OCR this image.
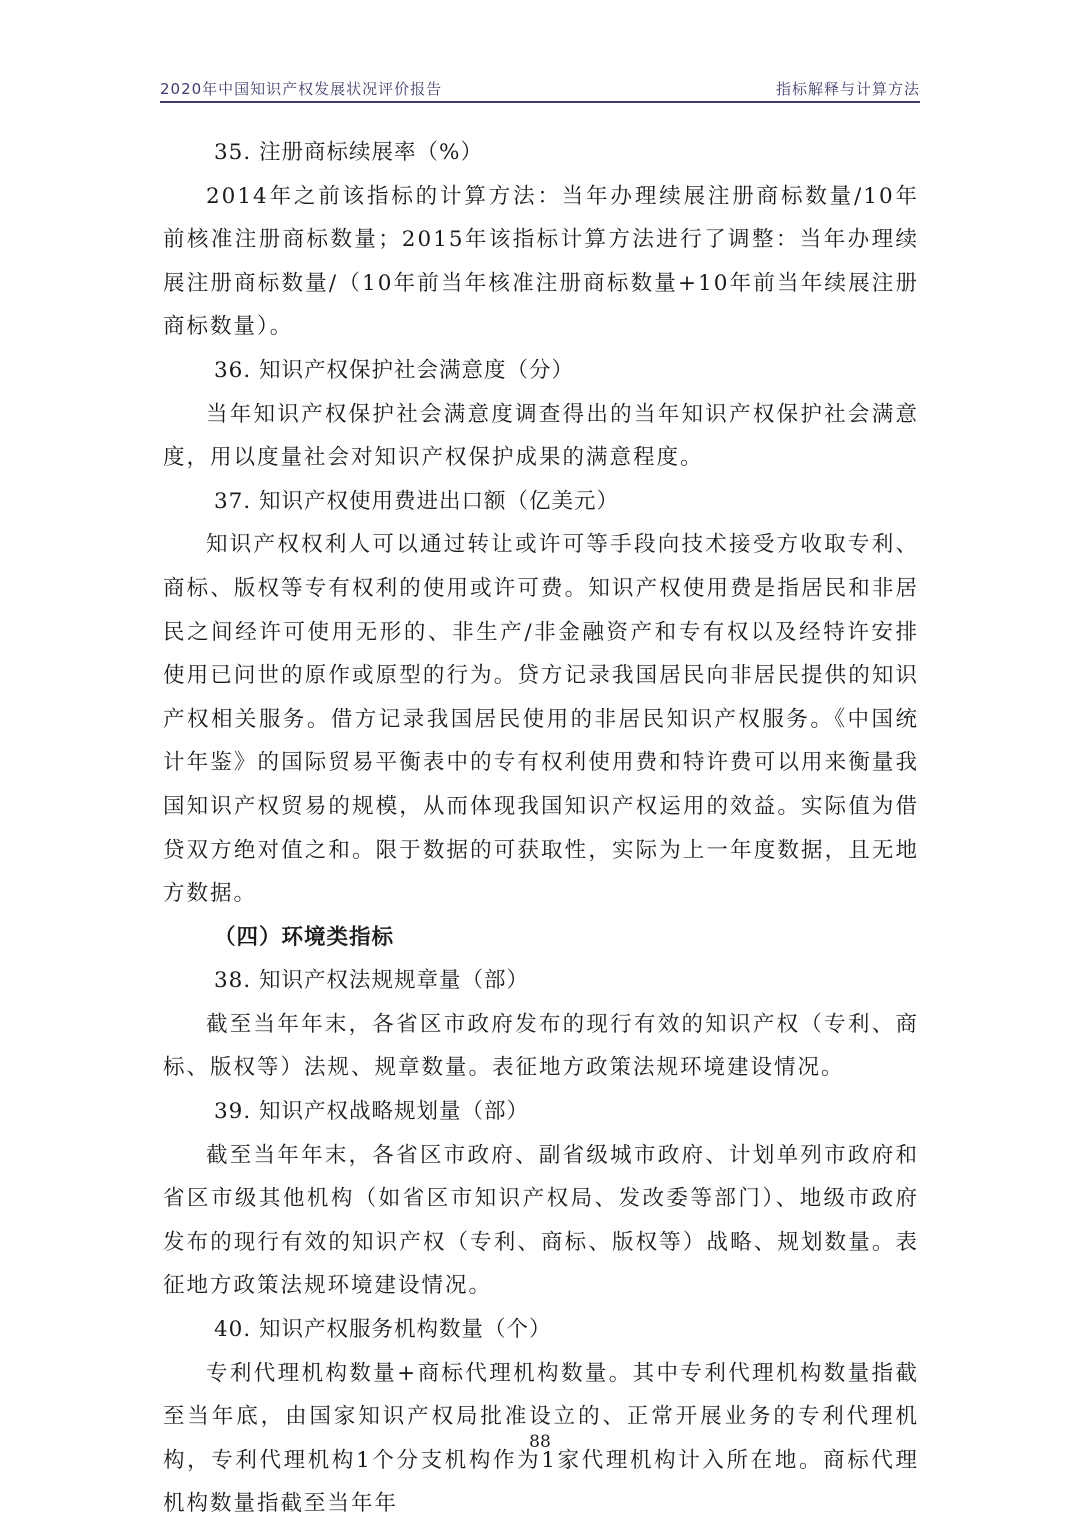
2020年中国知识产权发展状况评价报告	指标解释与计算方法
35. 注册商标续展率（%）
2014年之前该指标的计算方法：当年办理续展注册商标数量/10年前核准注册商标数量；2015年该指标计算方法进行了调整：当年办理续展注册商标数量/（10年前当年核准注册商标数量+10年前当年续展注册商标数量）。
36. 知识产权保护社会满意度（分）
当年知识产权保护社会满意度调查得出的当年知识产权保护社会满意度，用以度量社会对知识产权保护成果的满意程度。
37. 知识产权使用费进出口额（亿美元）
知识产权权利人可以通过转让或许可等手段向技术接受方收取专利、商标、版权等专有权利的使用或许可费。知识产权使用费是指居民和非居民之间经许可使用无形的、非生产/非金融资产和专有权以及经特许安排使用已问世的原作或原型的行为。贷方记录我国居民向非居民提供的知识产权相关服务。借方记录我国居民使用的非居民知识产权服务。《中国统计年鉴》的国际贸易平衡表中的专有权利使用费和特许费可以用来衡量我国知识产权贸易的规模，从而体现我国知识产权运用的效益。实际值为借贷双方绝对值之和。限于数据的可获取性，实际为上一年度数据，且无地方数据。
（四）环境类指标
38. 知识产权法规规章量（部）
截至当年年末，各省区市政府发布的现行有效的知识产权（专利、商标、版权等）法规、规章数量。表征地方政策法规环境建设情况。
39. 知识产权战略规划量（部）
截至当年年末，各省区市政府、副省级城市政府、计划单列市政府和省区市级其他机构（如省区市知识产权局、发改委等部门）、地级市政府发布的现行有效的知识产权（专利、商标、版权等）战略、规划数量。表征地方政策法规环境建设情况。
40. 知识产权服务机构数量（个）
专利代理机构数量+商标代理机构数量。其中专利代理机构数量指截至当年底，由国家知识产权局批准设立的、正常开展业务的专利代理机构，专利代理机构1个分支机构作为1家代理机构计入所在地。商标代理机构数量指截至当年年
88
